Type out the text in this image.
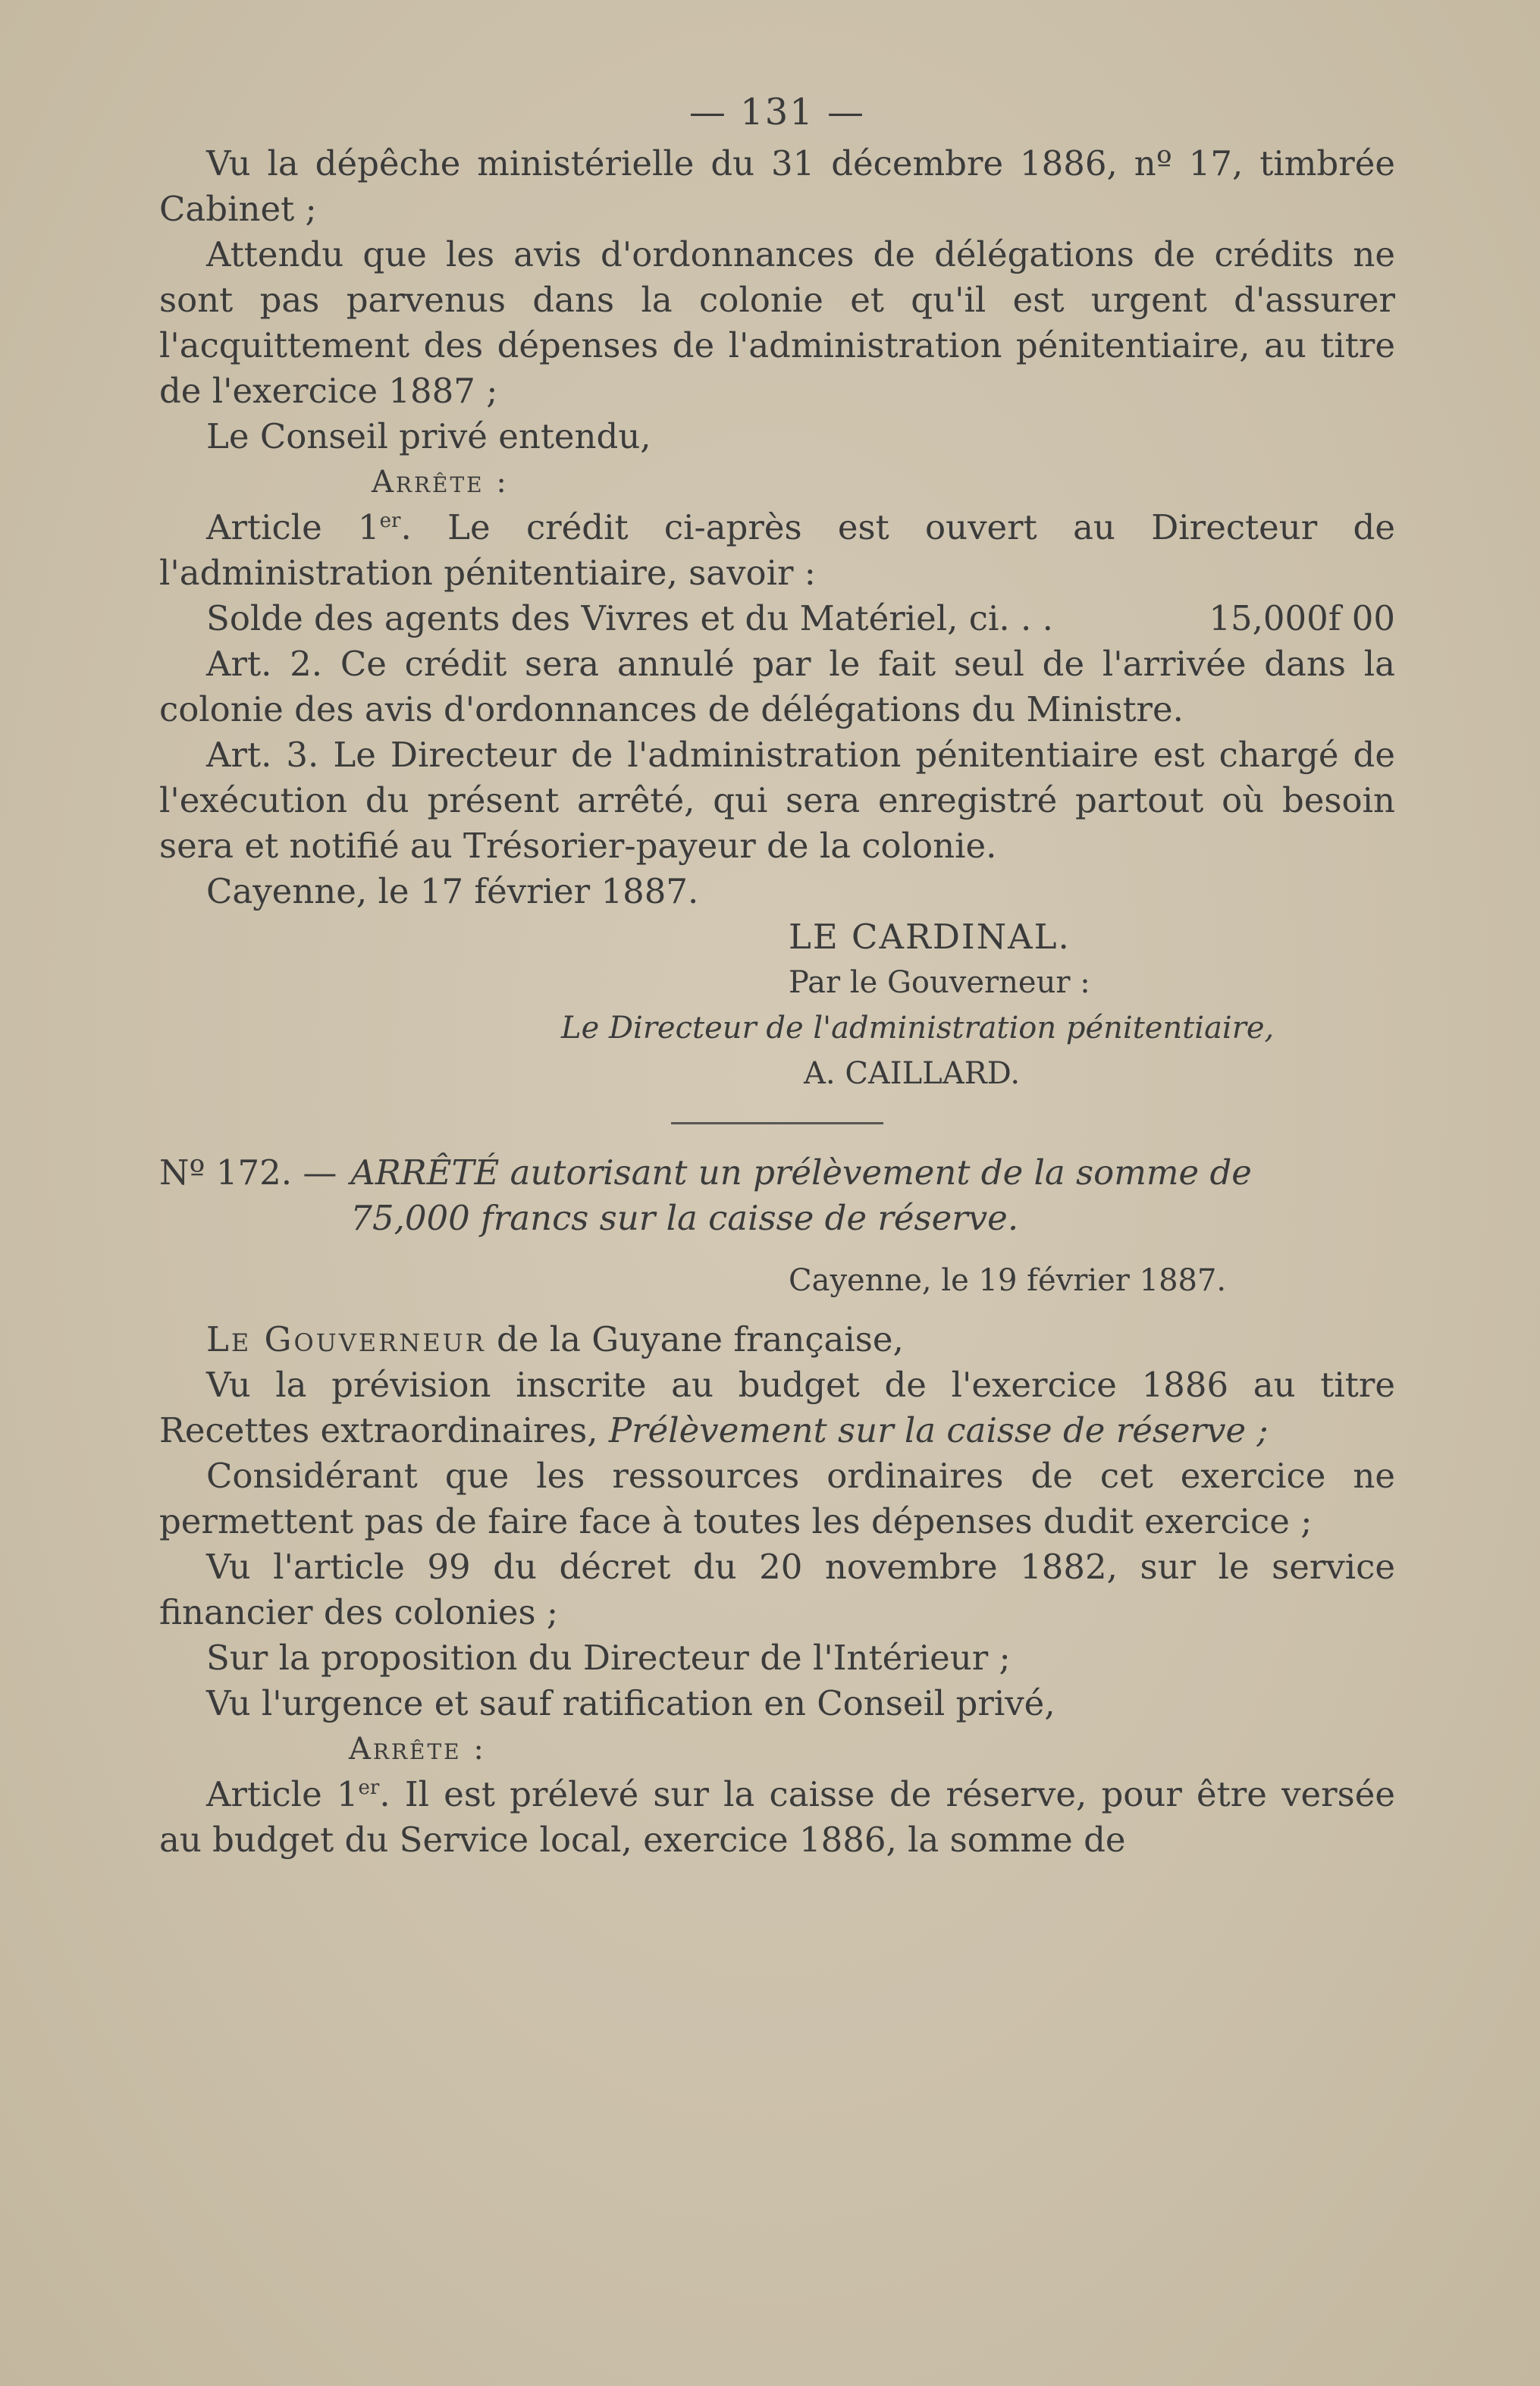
— 131 —

Vu la dépêche ministérielle du 31 décembre 1886, nº 17, timbrée Cabinet ;

Attendu que les avis d'ordonnances de délégations de crédits ne sont pas parvenus dans la colonie et qu'il est urgent d'assurer l'acquittement des dépenses de l'administration pénitentiaire, au titre de l'exercice 1887 ;

Le Conseil privé entendu,

Arrête :

Article 1er. Le crédit ci-après est ouvert au Directeur de l'administration pénitentiaire, savoir :

Solde des agents des Vivres et du Matériel, ci. . .	15,000f 00

Art. 2. Ce crédit sera annulé par le fait seul de l'arrivée dans la colonie des avis d'ordonnances de délégations du Ministre.

Art. 3. Le Directeur de l'administration pénitentiaire est chargé de l'exécution du présent arrêté, qui sera enregistré partout où besoin sera et notifié au Trésorier-payeur de la colonie.

Cayenne, le 17 février 1887.

LE CARDINAL.

Par le Gouverneur :

Le Directeur de l'administration pénitentiaire,

A. CAILLARD.

Nº 172. — ARRÊTÉ autorisant un prélèvement de la somme de
75,000 francs sur la caisse de réserve.

Cayenne, le 19 février 1887.

Le Gouverneur de la Guyane française,

Vu la prévision inscrite au budget de l'exercice 1886 au titre Recettes extraordinaires, Prélèvement sur la caisse de réserve ;

Considérant que les ressources ordinaires de cet exercice ne permettent pas de faire face à toutes les dépenses dudit exercice ;

Vu l'article 99 du décret du 20 novembre 1882, sur le service financier des colonies ;

Sur la proposition du Directeur de l'Intérieur ;

Vu l'urgence et sauf ratification en Conseil privé,

Arrête :

Article 1er. Il est prélevé sur la caisse de réserve, pour être versée au budget du Service local, exercice 1886, la somme de
